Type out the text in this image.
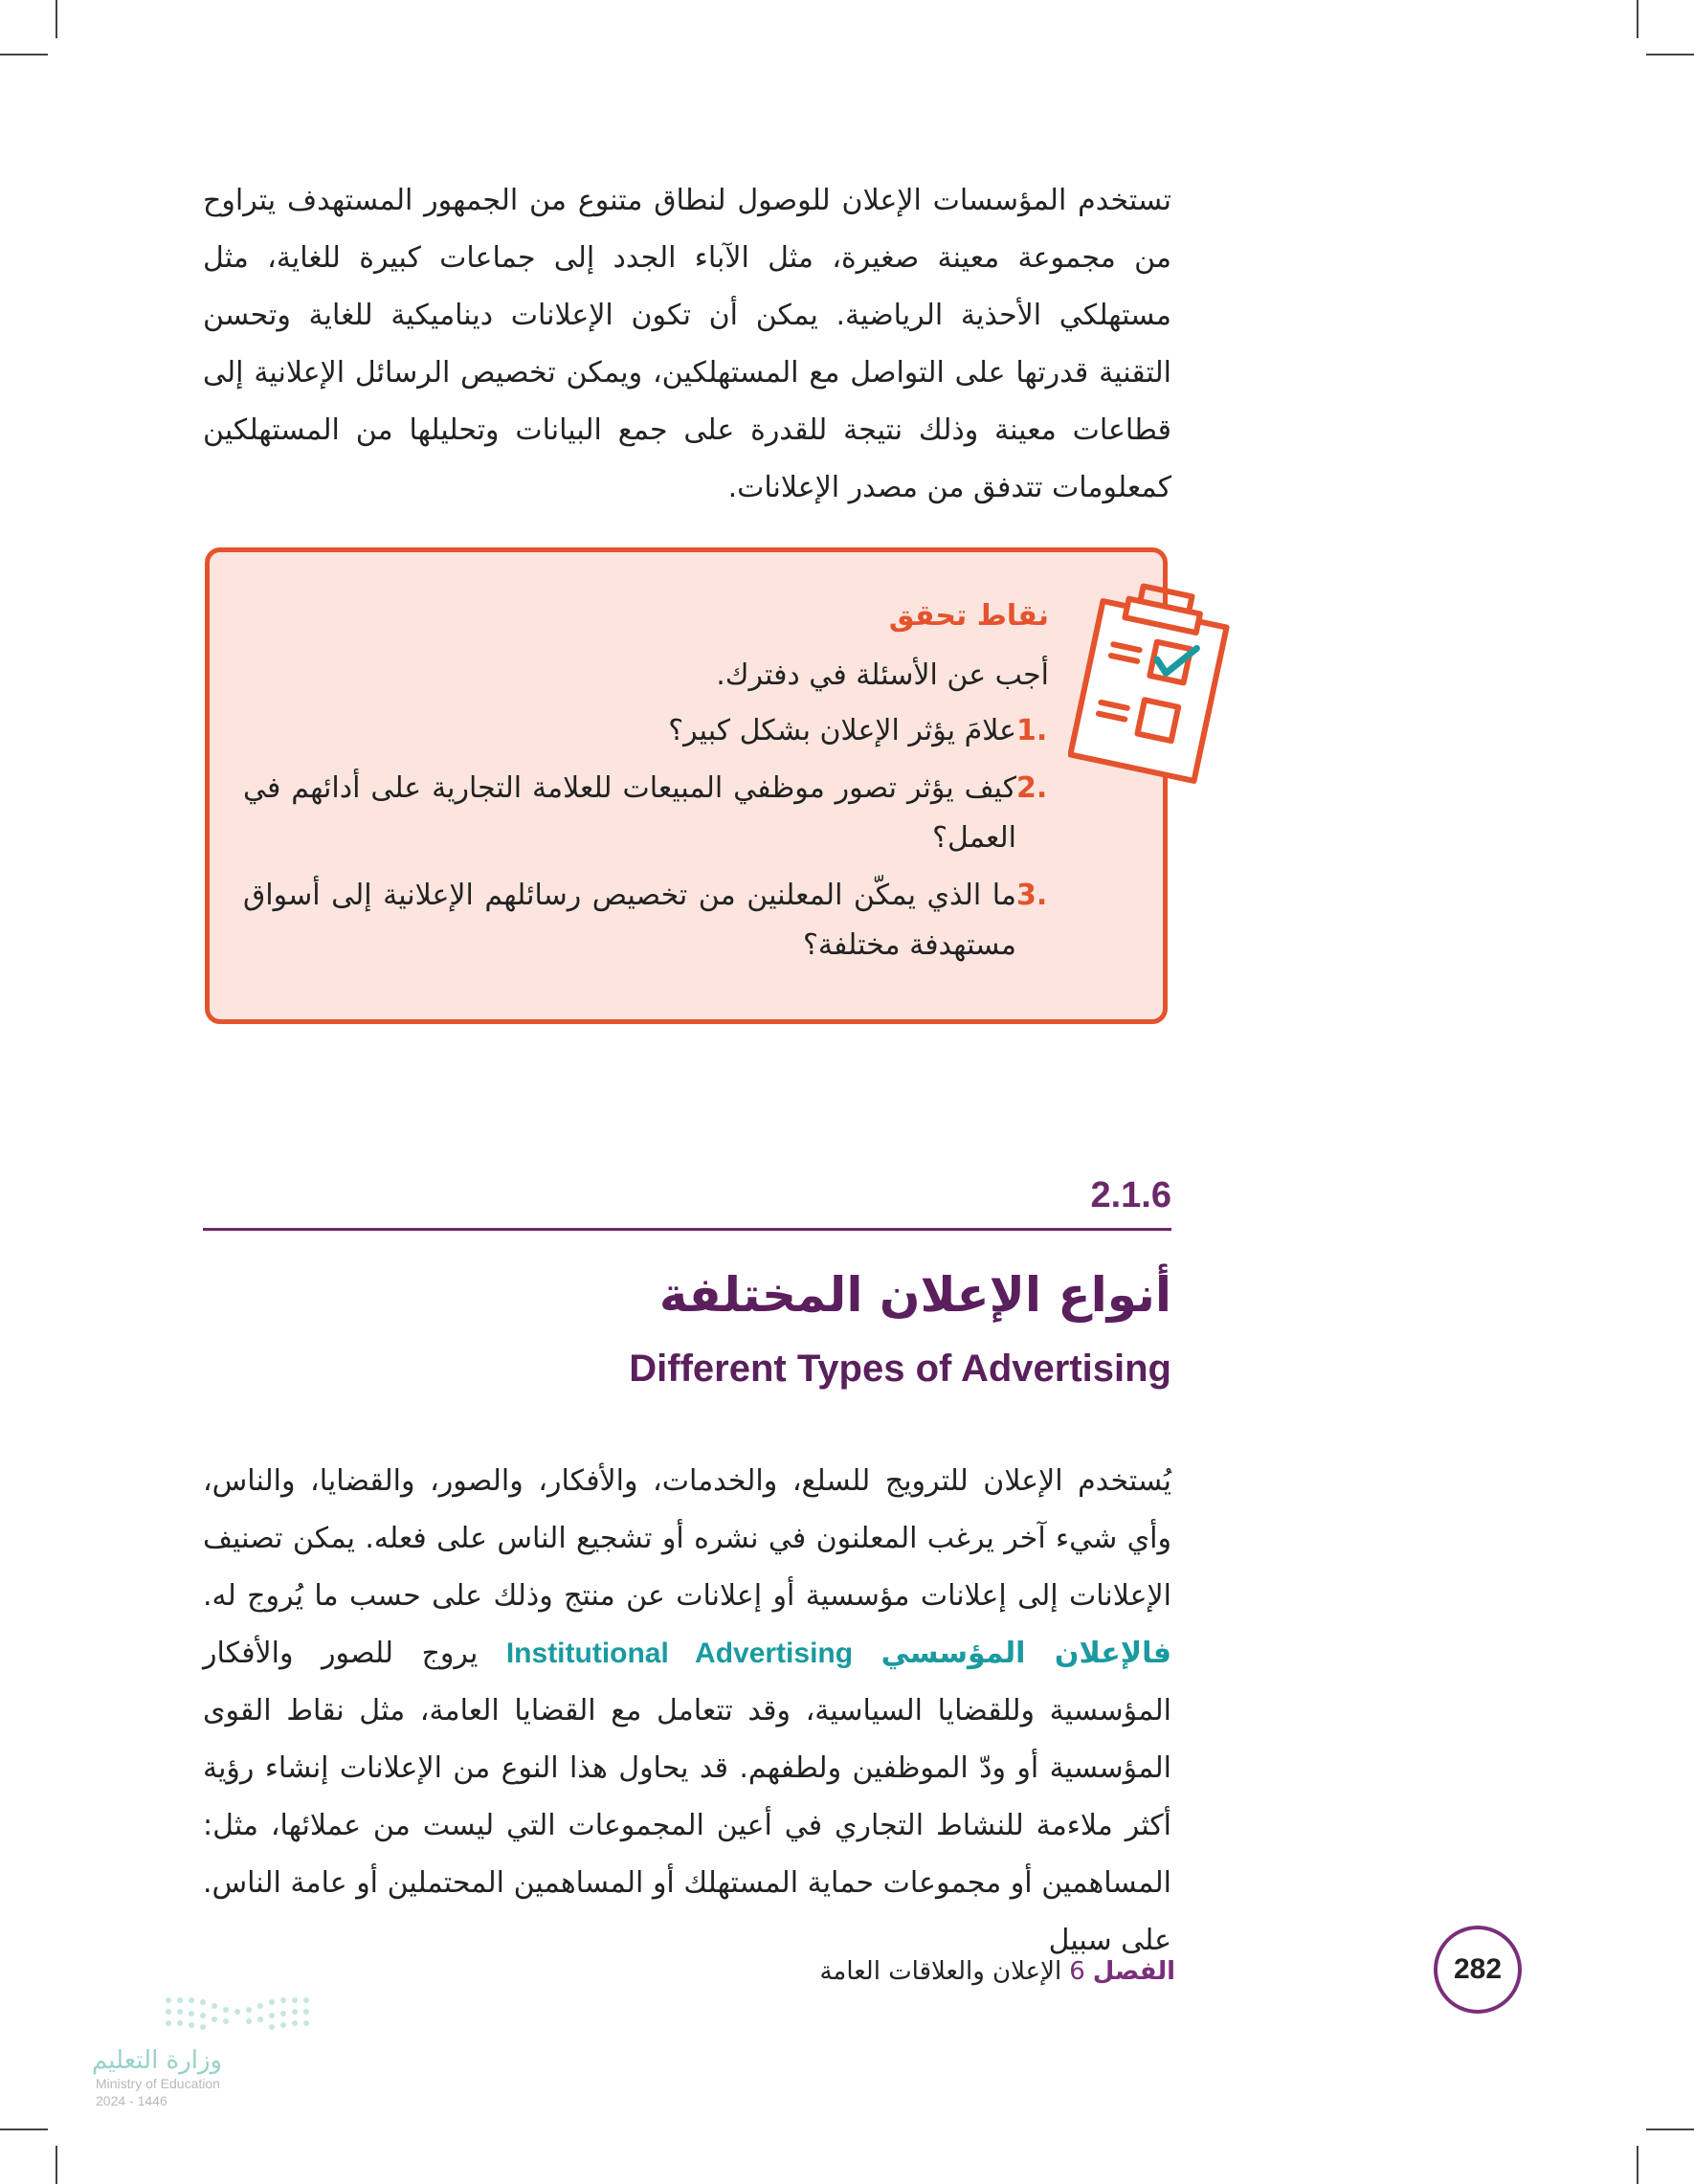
تستخدم المؤسسات الإعلان للوصول لنطاق متنوع من الجمهور المستهدف يتراوح من مجموعة معينة صغيرة، مثل الآباء الجدد إلى جماعات كبيرة للغاية، مثل مستهلكي الأحذية الرياضية. يمكن أن تكون الإعلانات ديناميكية للغاية وتحسن التقنية قدرتها على التواصل مع المستهلكين، ويمكن تخصيص الرسائل الإعلانية إلى قطاعات معينة وذلك نتيجة للقدرة على جمع البيانات وتحليلها من المستهلكين كمعلومات تتدفق من مصدر الإعلانات.

نقاط تحقق

أجب عن الأسئلة في دفترك.

1.
علامَ يؤثر الإعلان بشكل كبير؟
2.
كيف يؤثر تصور موظفي المبيعات للعلامة التجارية على أدائهم في العمل؟
3.
ما الذي يمكّن المعلنين من تخصيص رسائلهم الإعلانية إلى أسواق مستهدفة مختلفة؟
2.1.6
أنواع الإعلان المختلفة
Different Types of Advertising

يُستخدم الإعلان للترويج للسلع، والخدمات، والأفكار، والصور، والقضايا، والناس، وأي شيء آخر يرغب المعلنون في نشره أو تشجيع الناس على فعله. يمكن تصنيف الإعلانات إلى إعلانات مؤسسية أو إعلانات عن منتج وذلك على حسب ما يُروج له. فالإعلان المؤسسي Institutional Advertising يروج للصور والأفكار المؤسسية وللقضايا السياسية، وقد تتعامل مع القضايا العامة، مثل نقاط القوى المؤسسية أو ودّ الموظفين ولطفهم. قد يحاول هذا النوع من الإعلانات إنشاء رؤية أكثر ملاءمة للنشاط التجاري في أعين المجموعات التي ليست من عملائها، مثل: المساهمين أو مجموعات حماية المستهلك أو المساهمين المحتملين أو عامة الناس. على سبيل

282
الفصل6الإعلان والعلاقات العامة
وزارة التعليم
Ministry of Education
2024 - 1446
